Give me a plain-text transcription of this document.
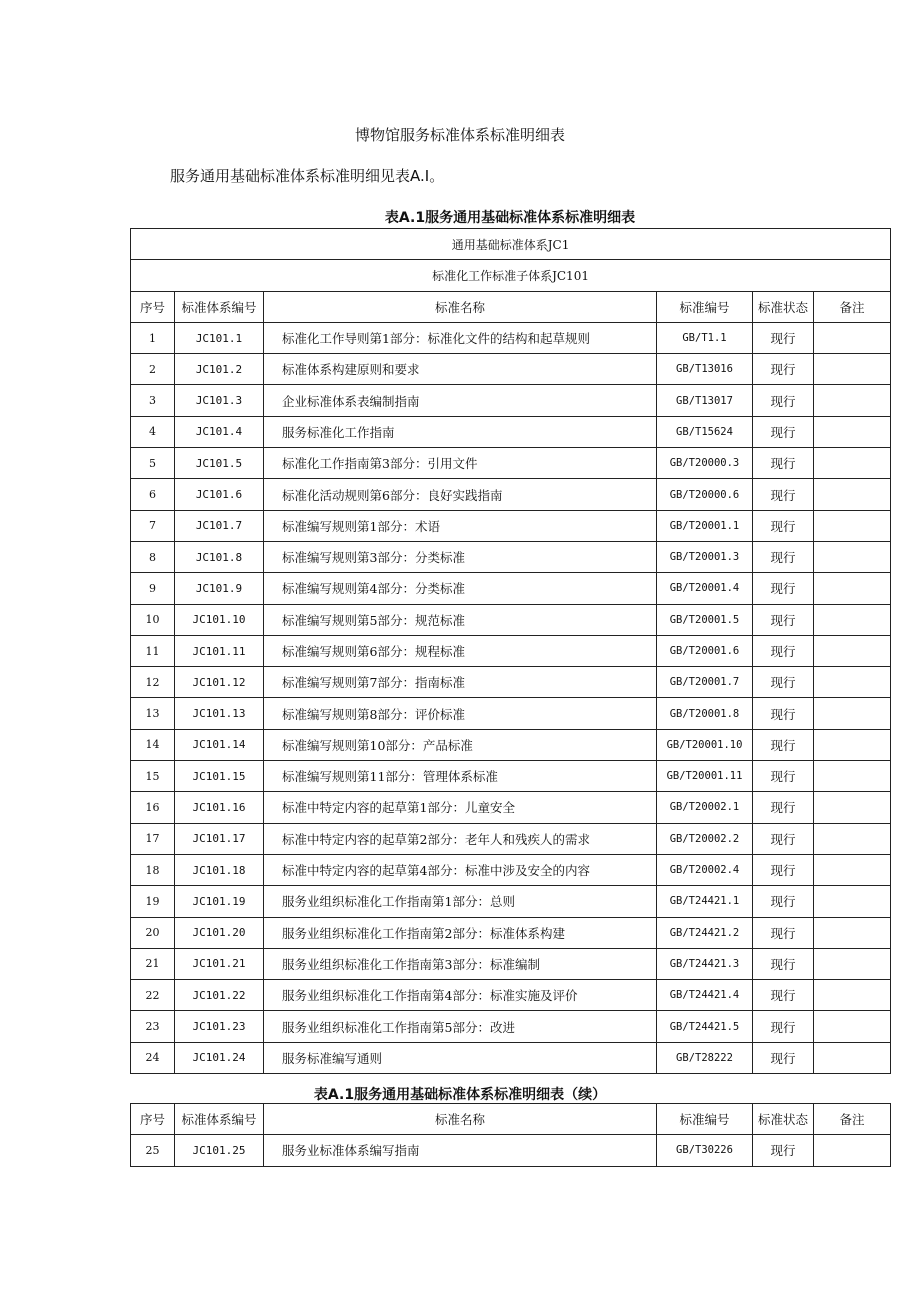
博物馆服务标准体系标准明细表
服务通用基础标准体系标准明细见表A.I。
表A.1服务通用基础标准体系标准明细表
通用基础标准体系JC1					
标准化工作标准子体系JC101					
序号	标准体系编号	标准名称	标准编号	标准状态	备注
1	JC101.1	标准化工作导则第1部分：标准化文件的结构和起草规则	GB/T1.1	现行	
2	JC101.2	标准体系构建原则和要求	GB/T13016	现行	
3	JC101.3	企业标准体系表编制指南	GB/T13017	现行	
4	JC101.4	服务标准化工作指南	GB/T15624	现行	
5	JC101.5	标准化工作指南第3部分：引用文件	GB/T20000.3	现行	
6	JC101.6	标准化活动规则第6部分：良好实践指南	GB/T20000.6	现行	
7	JC101.7	标准编写规则第1部分：术语	GB/T20001.1	现行	
8	JC101.8	标准编写规则第3部分：分类标准	GB/T20001.3	现行	
9	JC101.9	标准编写规则第4部分：分类标准	GB/T20001.4	现行	
10	JC101.10	标准编写规则第5部分：规范标准	GB/T20001.5	现行	
11	JC101.11	标准编写规则第6部分：规程标准	GB/T20001.6	现行	
12	JC101.12	标准编写规则第7部分：指南标准	GB/T20001.7	现行	
13	JC101.13	标准编写规则第8部分：评价标准	GB/T20001.8	现行	
14	JC101.14	标准编写规则第10部分：产品标准	GB/T20001.10	现行	
15	JC101.15	标准编写规则第11部分：管理体系标准	GB/T20001.11	现行	
16	JC101.16	标准中特定内容的起草第1部分：儿童安全	GB/T20002.1	现行	
17	JC101.17	标准中特定内容的起草第2部分：老年人和残疾人的需求	GB/T20002.2	现行	
18	JC101.18	标准中特定内容的起草第4部分：标准中涉及安全的内容	GB/T20002.4	现行	
19	JC101.19	服务业组织标准化工作指南第1部分：总则	GB/T24421.1	现行	
20	JC101.20	服务业组织标准化工作指南第2部分：标准体系构建	GB/T24421.2	现行	
21	JC101.21	服务业组织标准化工作指南第3部分：标准编制	GB/T24421.3	现行	
22	JC101.22	服务业组织标准化工作指南第4部分：标准实施及评价	GB/T24421.4	现行	
23	JC101.23	服务业组织标准化工作指南第5部分：改进	GB/T24421.5	现行	
24	JC101.24	服务标准编写通则	GB/T28222	现行	
表A.1服务通用基础标准体系标准明细表（续）
序号	标准体系编号	标准名称	标准编号	标准状态	备注
25	JC101.25	服务业标准体系编写指南	GB/T30226	现行	
